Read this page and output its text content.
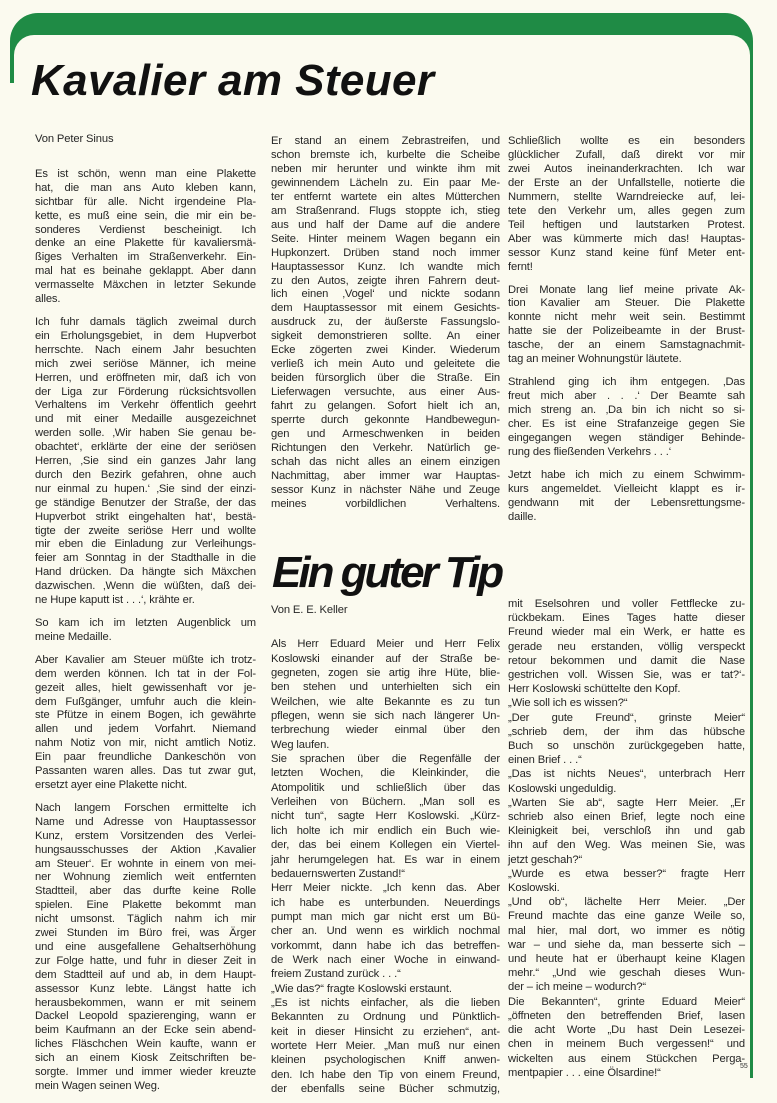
Kavalier am Steuer
Ein guter Tip
Von Peter Sinus

Es ist schön, wenn man eine Plakette
hat, die man ans Auto kleben kann,
sichtbar für alle. Nicht irgendeine Pla-
kette, es muß eine sein, die mir ein be-
sonderes Verdienst bescheinigt. Ich
denke an eine Plakette für kavaliersmä-
ßiges Verhalten im Straßenverkehr. Ein-
mal hat es beinahe geklappt. Aber dann
vermasselte Mäxchen in letzter Sekunde
alles.

Ich fuhr damals täglich zweimal durch
ein Erholungsgebiet, in dem Hupverbot
herrschte. Nach einem Jahr besuchten
mich zwei seriöse Männer, ich meine
Herren, und eröffneten mir, daß ich von
der Liga zur Förderung rücksichtsvollen
Verhaltens im Verkehr öffentlich geehrt
und mit einer Medaille ausgezeichnet
werden solle. ‚Wir haben Sie genau be-
obachtet‘, erklärte der eine der seriösen
Herren, ‚Sie sind ein ganzes Jahr lang
durch den Bezirk gefahren, ohne auch
nur einmal zu hupen.‘ ‚Sie sind der einzi-
ge ständige Benutzer der Straße, der das
Hupverbot strikt eingehalten hat‘, bestä-
tigte der zweite seriöse Herr und wollte
mir eben die Einladung zur Verleihungs-
feier am Sonntag in der Stadthalle in die
Hand drücken. Da hängte sich Mäxchen
dazwischen. ‚Wenn die wüßten, daß dei-
ne Hupe kaputt ist . . .‘, krähte er.

So kam ich im letzten Augenblick um
meine Medaille.

Aber Kavalier am Steuer müßte ich trotz-
dem werden können. Ich tat in der Fol-
gezeit alles, hielt gewissenhaft vor je-
dem Fußgänger, umfuhr auch die klein-
ste Pfütze in einem Bogen, ich gewährte
allen und jedem Vorfahrt. Niemand
nahm Notiz von mir, nicht amtlich Notiz.
Ein paar freundliche Dankeschön von
Passanten waren alles. Das tut zwar gut,
ersetzt ayer eine Plakette nicht.

Nach langem Forschen ermittelte ich
Name und Adresse von Hauptassessor
Kunz, erstem Vorsitzenden des Verlei-
hungsausschusses der Aktion ‚Kavalier
am Steuer‘. Er wohnte in einem von mei-
ner Wohnung ziemlich weit entfernten
Stadtteil, aber das durfte keine Rolle
spielen. Eine Plakette bekommt man
nicht umsonst. Täglich nahm ich mir
zwei Stunden im Büro frei, was Ärger
und eine ausgefallene Gehaltserhöhung
zur Folge hatte, und fuhr in dieser Zeit in
dem Stadtteil auf und ab, in dem Haupt-
assessor Kunz lebte. Längst hatte ich
herausbekommen, wann er mit seinem
Dackel Leopold spazierenging, wann er
beim Kaufmann an der Ecke sein abend-
liches Fläschchen Wein kaufte, wann er
sich an einem Kiosk Zeitschriften be-
sorgte. Immer und immer wieder kreuzte
mein Wagen seinen Weg.

Er stand an einem Zebrastreifen, und
schon bremste ich, kurbelte die Scheibe
neben mir herunter und winkte ihm mit
gewinnendem Lächeln zu. Ein paar Me-
ter entfernt wartete ein altes Mütterchen
am Straßenrand. Flugs stoppte ich, stieg
aus und half der Dame auf die andere
Seite. Hinter meinem Wagen begann ein
Hupkonzert. Drüben stand noch immer
Hauptassessor Kunz. Ich wandte mich
zu den Autos, zeigte ihren Fahrern deut-
lich einen ‚Vogel‘ und nickte sodann
dem Hauptassessor mit einem Gesichts-
ausdruck zu, der äußerste Fassungslo-
sigkeit demonstrieren sollte. An einer
Ecke zögerten zwei Kinder. Wiederum
verließ ich mein Auto und geleitete die
beiden fürsorglich über die Straße. Ein
Lieferwagen versuchte, aus einer Aus-
fahrt zu gelangen. Sofort hielt ich an,
sperrte durch gekonnte Handbewegun-
gen und Armeschwenken in beiden
Richtungen den Verkehr. Natürlich ge-
schah das nicht alles an einem einzigen
Nachmittag, aber immer war Hauptas-
sessor Kunz in nächster Nähe und Zeuge
meines vorbildlichen Verhaltens.

Schließlich wollte es ein besonders
glücklicher Zufall, daß direkt vor mir
zwei Autos ineinanderkrachten. Ich war
der Erste an der Unfallstelle, notierte die
Nummern, stellte Warndreiecke auf, lei-
tete den Verkehr um, alles gegen zum
Teil heftigen und lautstarken Protest.
Aber was kümmerte mich das! Hauptas-
sessor Kunz stand keine fünf Meter ent-
fernt!

Drei Monate lang lief meine private Ak-
tion Kavalier am Steuer. Die Plakette
konnte nicht mehr weit sein. Bestimmt
hatte sie der Polizeibeamte in der Brust-
tasche, der an einem Samstagnachmit-
tag an meiner Wohnungstür läutete.

Strahlend ging ich ihm entgegen. ‚Das
freut mich aber . . .‘ Der Beamte sah
mich streng an. ‚Da bin ich nicht so si-
cher. Es ist eine Strafanzeige gegen Sie
eingegangen wegen ständiger Behinde-
rung des fließenden Verkehrs . . .‘

Jetzt habe ich mich zu einem Schwimm-
kurs angemeldet. Vielleicht klappt es ir-
gendwann mit der Lebensrettungsme-
daille.

Von E. E. Keller

Als Herr Eduard Meier und Herr Felix
Koslowski einander auf der Straße be-
gegneten, zogen sie artig ihre Hüte, blie-
ben stehen und unterhielten sich ein
Weilchen, wie alte Bekannte es zu tun
pflegen, wenn sie sich nach längerer Un-
terbrechung wieder einmal über den
Weg laufen.

Sie sprachen über die Regenfälle der
letzten Wochen, die Kleinkinder, die
Atompolitik und schließlich über das
Verleihen von Büchern. „Man soll es
nicht tun“, sagte Herr Koslowski. „Kürz-
lich holte ich mir endlich ein Buch wie-
der, das bei einem Kollegen ein Viertel-
jahr herumgelegen hat. Es war in einem
bedauernswerten Zustand!“

Herr Meier nickte. „Ich kenn das. Aber
ich habe es unterbunden. Neuerdings
pumpt man mich gar nicht erst um Bü-
cher an. Und wenn es wirklich nochmal
vorkommt, dann habe ich das betreffen-
de Werk nach einer Woche in einwand-
freiem Zustand zurück . . .“

„Wie das?“ fragte Koslowski erstaunt.

„Es ist nichts einfacher, als die lieben
Bekannten zu Ordnung und Pünktlich-
keit in dieser Hinsicht zu erziehen“, ant-
wortete Herr Meier. „Man muß nur einen
kleinen psychologischen Kniff anwen-
den. Ich habe den Tip von einem Freund,
der ebenfalls seine Bücher schmutzig,

mit Eselsohren und voller Fettflecke zu-
rückbekam. Eines Tages hatte dieser
Freund wieder mal ein Werk, er hatte es
gerade neu erstanden, völlig verspeckt
retour bekommen und damit die Nase
gestrichen voll. Wissen Sie, was er tat?‘-
Herr Koslowski schüttelte den Kopf.

„Wie soll ich es wissen?“

„Der gute Freund“, grinste Meier“
„schrieb dem, der ihm das hübsche
Buch so unschön zurückgegeben hatte,
einen Brief . . .“

„Das ist nichts Neues“, unterbrach Herr
Koslowski ungeduldig.

„Warten Sie ab“, sagte Herr Meier. „Er
schrieb also einen Brief, legte noch eine
Kleinigkeit bei, verschloß ihn und gab
ihn auf den Weg. Was meinen Sie, was
jetzt geschah?“

„Wurde es etwa besser?“ fragte Herr
Koslowski.

„Und ob“, lächelte Herr Meier. „Der
Freund machte das eine ganze Weile so,
mal hier, mal dort, wo immer es nötig
war – und siehe da, man besserte sich –
und heute hat er überhaupt keine Klagen
mehr.“ „Und wie geschah dieses Wun-
der – ich meine – wodurch?“

Die Bekannten“, grinte Eduard Meier“
„öffneten den betreffenden Brief, lasen
die acht Worte „Du hast Dein Lesezei-
chen in meinem Buch vergessen!“ und
wickelten aus einem Stückchen Perga-
mentpapier . . . eine Ölsardine!“

55
